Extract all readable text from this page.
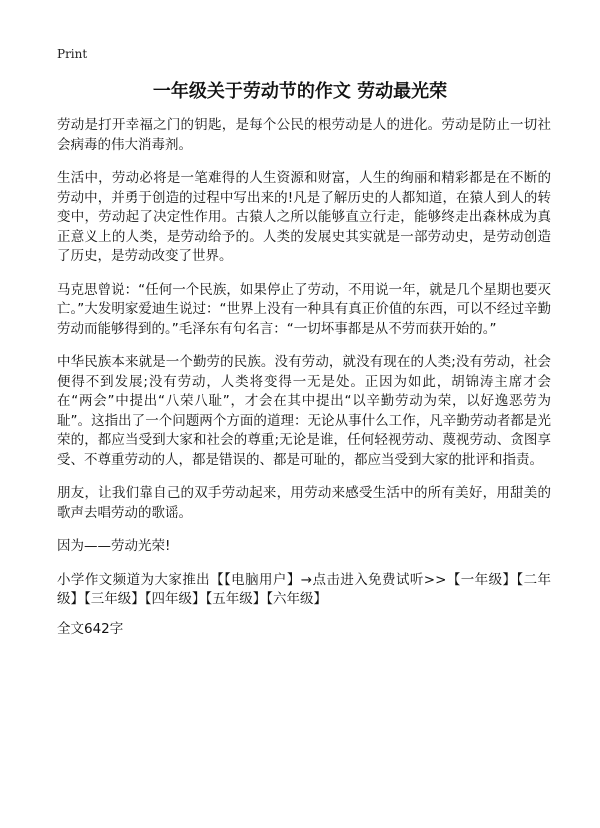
Print
一年级关于劳动节的作文 劳动最光荣

劳动是打开幸福之门的钥匙，是每个公民的根劳动是人的进化。劳动是防止一切社会病毒的伟大消毒剂。

生活中，劳动必将是一笔难得的人生资源和财富，人生的绚丽和精彩都是在不断的劳动中，并勇于创造的过程中写出来的!凡是了解历史的人都知道，在猿人到人的转变中，劳动起了决定性作用。古猿人之所以能够直立行走，能够终走出森林成为真正意义上的人类，是劳动给予的。人类的发展史其实就是一部劳动史，是劳动创造了历史，是劳动改变了世界。

马克思曾说：“任何一个民族，如果停止了劳动，不用说一年，就是几个星期也要灭亡。”大发明家爱迪生说过：“世界上没有一种具有真正价值的东西，可以不经过辛勤劳动而能够得到的。”毛泽东有句名言：“一切坏事都是从不劳而获开始的。”

中华民族本来就是一个勤劳的民族。没有劳动，就没有现在的人类;没有劳动，社会便得不到发展;没有劳动，人类将变得一无是处。正因为如此，胡锦涛主席才会在“两会”中提出“八荣八耻”，才会在其中提出“以辛勤劳动为荣，以好逸恶劳为耻”。这指出了一个问题两个方面的道理：无论从事什么工作，凡辛勤劳动者都是光荣的，都应当受到大家和社会的尊重;无论是谁，任何轻视劳动、蔑视劳动、贪图享受、不尊重劳动的人，都是错误的、都是可耻的，都应当受到大家的批评和指责。

朋友，让我们靠自己的双手劳动起来，用劳动来感受生活中的所有美好，用甜美的歌声去唱劳动的歌谣。

因为——劳动光荣!

小学作文频道为大家推出【【电脑用户】→点击进入免费试听>>【一年级】【二年级】【三年级】【四年级】【五年级】【六年级】

全文642字
